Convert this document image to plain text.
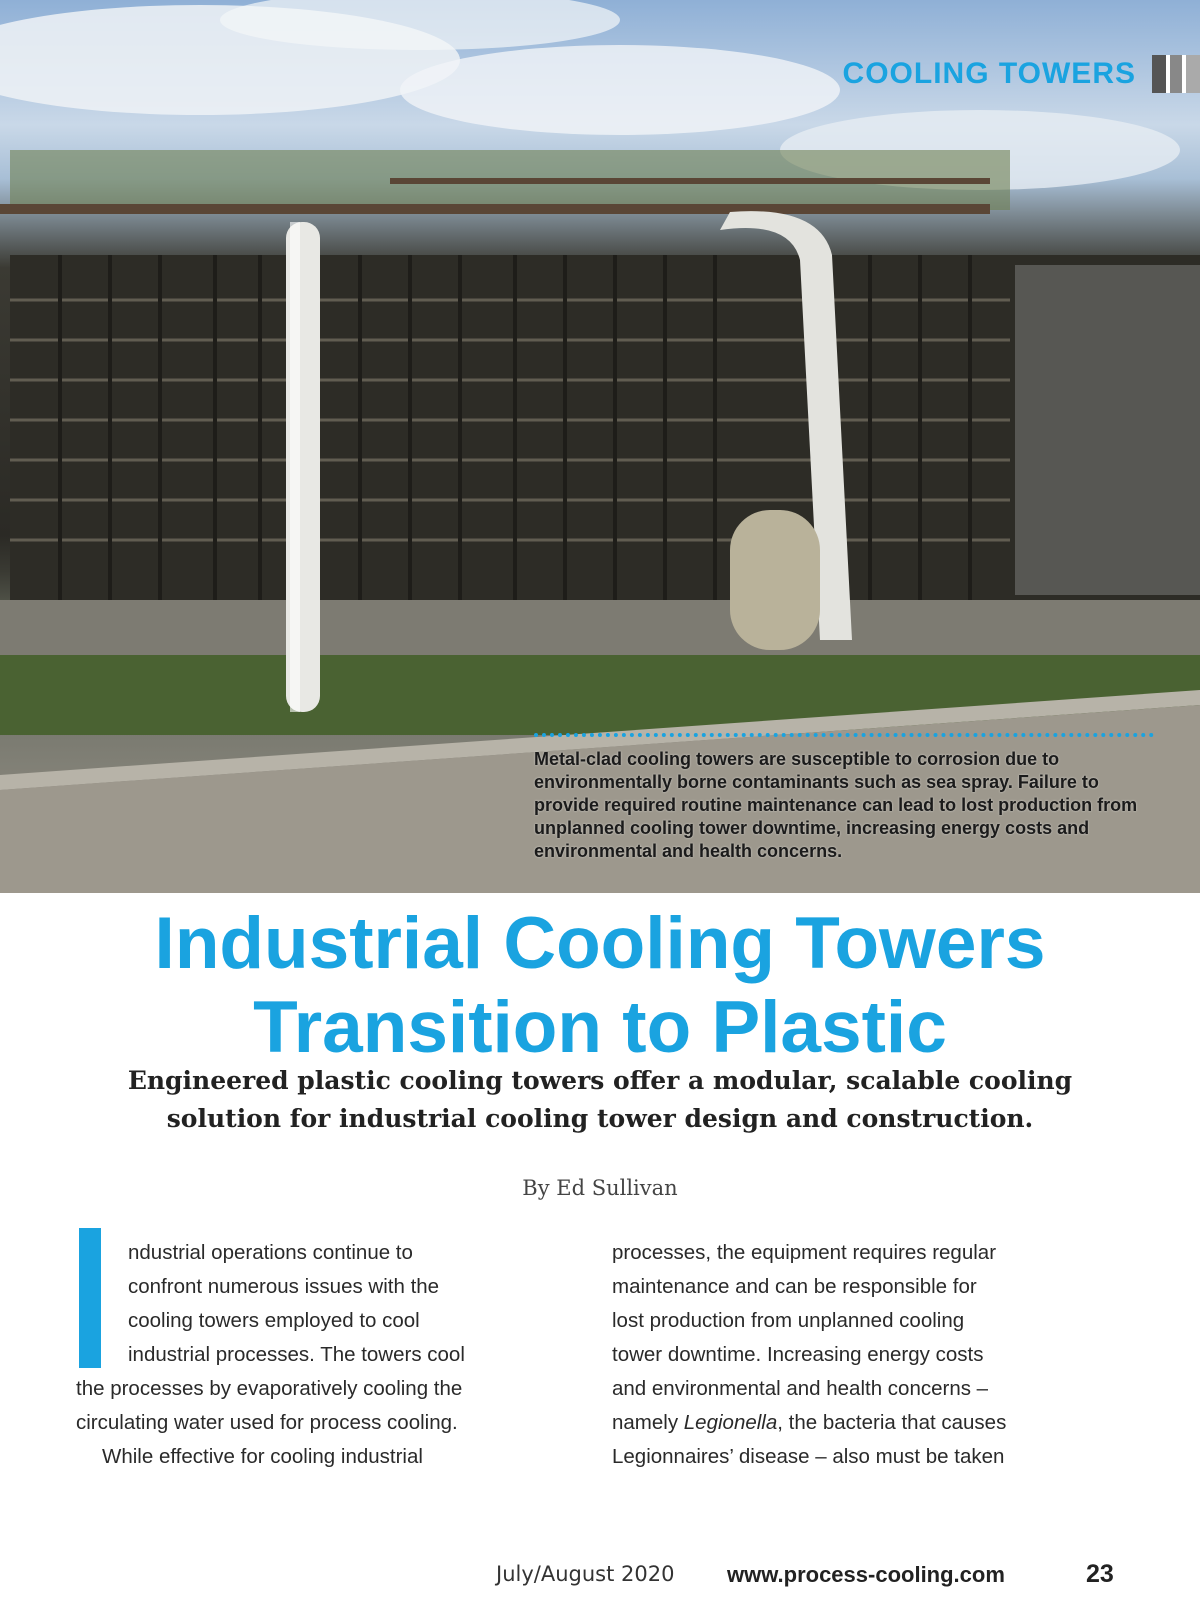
COOLING TOWERS
Metal-clad cooling towers are susceptible to corrosion due to environmentally borne contaminants such as sea spray. Failure to provide required routine maintenance can lead to lost production from unplanned cooling tower downtime, increasing energy costs and environmental and health concerns.
Industrial Cooling Towers
Transition to Plastic

Engineered plastic cooling towers offer a modular, scalable cooling
solution for industrial cooling tower design and construction.

By Ed Sullivan

ndustrial operations continue to

confront numerous issues with the

cooling towers employed to cool

industrial processes. The towers cool

the processes by evaporatively cooling the

circulating water used for process cooling.

While effective for cooling industrial

processes, the equipment requires regular

maintenance and can be responsible for

lost production from unplanned cooling

tower downtime. Increasing energy costs

and environmental and health concerns –

namely Legionella, the bacteria that causes

Legionnaires’ disease – also must be taken

July/August 2020 www.process-cooling.com	23
